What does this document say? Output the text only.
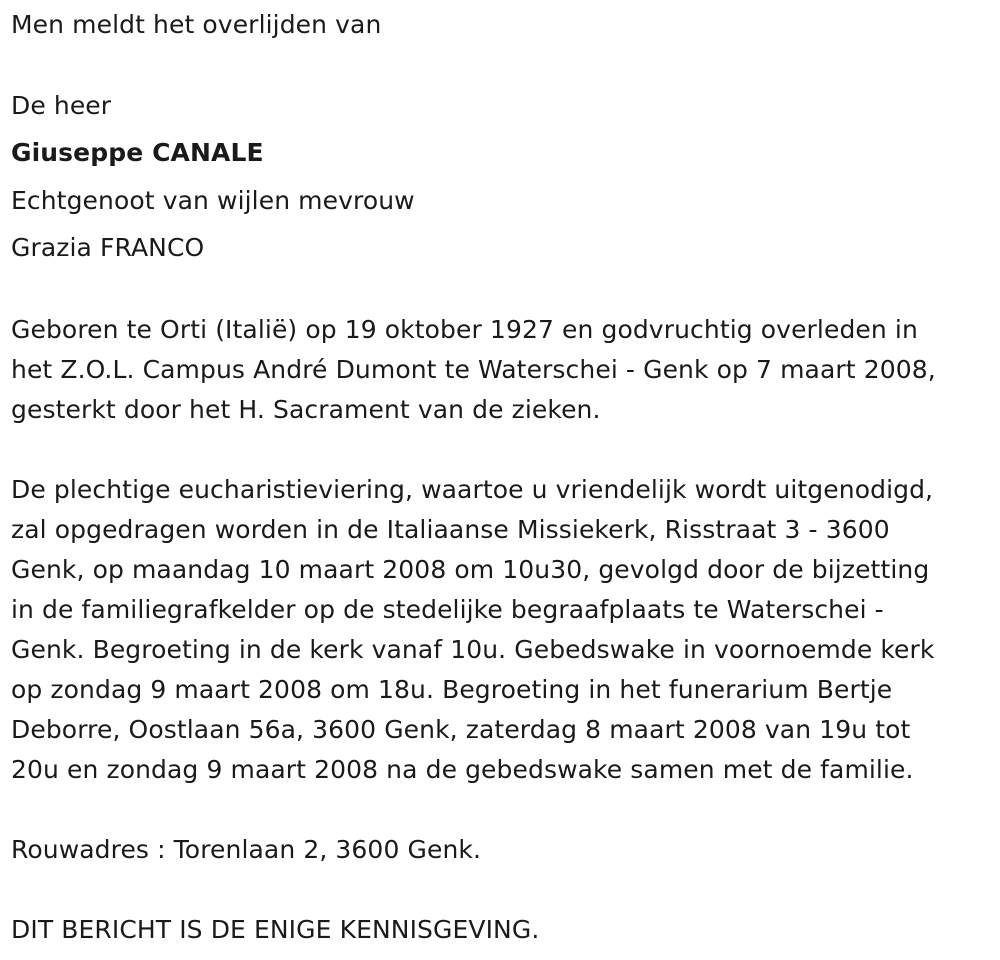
Men meldt het overlijden van
De heer
Giuseppe CANALE
Echtgenoot van wijlen mevrouw
Grazia FRANCO
Geboren te Orti (Italië) op 19 oktober 1927 en godvruchtig overleden in
het Z.O.L. Campus André Dumont te Waterschei - Genk op 7 maart 2008,
gesterkt door het H. Sacrament van de zieken.
De plechtige eucharistieviering, waartoe u vriendelijk wordt uitgenodigd,
zal opgedragen worden in de Italiaanse Missiekerk, Risstraat 3 - 3600
Genk, op maandag 10 maart 2008 om 10u30, gevolgd door de bijzetting
in de familiegrafkelder op de stedelijke begraafplaats te Waterschei -
Genk. Begroeting in de kerk vanaf 10u. Gebedswake in voornoemde kerk
op zondag 9 maart 2008 om 18u. Begroeting in het funerarium Bertje
Deborre, Oostlaan 56a, 3600 Genk, zaterdag 8 maart 2008 van 19u tot
20u en zondag 9 maart 2008 na de gebedswake samen met de familie.
Rouwadres : Torenlaan 2, 3600 Genk.
DIT BERICHT IS DE ENIGE KENNISGEVING.
